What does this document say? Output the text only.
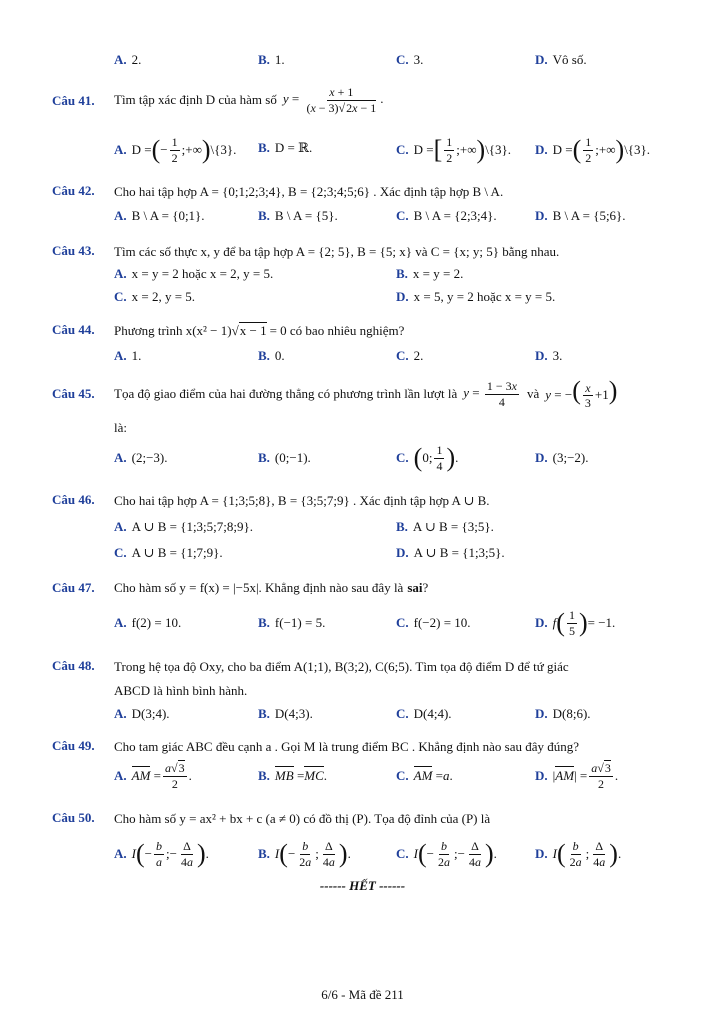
A. 2.	B. 1.	C. 3.	D. Vô số.
Câu 41.	Tìm tập xác định D của hàm số $y = \frac{x + 1}{(x - 3)√2x - 1}$ .
A. D = ( − $\frac{1}{2}$ ;+∞ ) \{3}. B. D = ℝ.	C. D = [ $\frac{1}{2}$ ;+∞ ) \{3}. D. D = ( $\frac{1}{2}$ ;+∞ ) \{3}.
Câu 42.	Cho hai tập hợp A = {0;1;2;3;4}, B = {2;3;4;5;6} . Xác định tập hợp B \ A.
A. B \ A = {0;1}.	B. B \ A = {5}.	C. B \ A = {2;3;4}.	D. B \ A = {5;6}.
Câu 43.	Tìm các số thực x, y để ba tập hợp A = {2; 5}, B = {5; x} và C = {x; y; 5} bằng nhau.
A. x = y = 2 hoặc x = 2, y = 5.	B. x = y = 2.
C. x = 2, y = 5.	D. x = 5, y = 2 hoặc x = y = 5.
Câu 44.	Phương trình x(x² − 1) √ x − 1 = 0 có bao nhiêu nghiệm?
A. 1.	B. 0.	C. 2.	D. 3.
Câu 45.	Tọa độ giao điểm của hai đường thẳng có phương trình lần lượt là $y = \frac{1 - 3x}{4}$ và y = −( $\frac{x}{3} +1$)
là:
A. (2;−3).	B. (0;−1).	C. ( 0; $\frac{1}{4}$ ) .	D. (3;−2).
Câu 46.	Cho hai tập hợp A = {1;3;5;8}, B = {3;5;7;9} . Xác định tập hợp A ∪ B.
A. A ∪ B = {1;3;5;7;8;9}.	B. A ∪ B = {3;5}.
C. A ∪ B = {1;7;9}.	D. A ∪ B = {1;3;5}.
Câu 47.	Cho hàm số y = f(x) = |−5x|. Khẳng định nào sau đây là sai ?
A. f(2) = 10.	B. f(−1) = 5.	C. f(−2) = 10.	D. f ( $\frac{1}{5}$ ) = −1.
Câu 48.	Trong hệ tọa độ Oxy, cho ba điểm A(1;1), B(3;2), C(6;5). Tìm tọa độ điểm D để tứ giác
ABCD là hình bình hành.
A. D(3;4).	B. D(4;3).	C. D(4;4).	D. D(8;6).
Câu 49.	Cho tam giác ABC đều cạnh a . Gọi M là trung điểm BC . Khẳng định nào sau đây đúng?
A. AM = $\frac{a√3}{2}$ .	B. MB = MC .	C. AM = a .	D. | AM | = $\frac{a√3}{2}$ .
Câu 50.	Cho hàm số y = ax² + bx + c (a ≠ 0) có đồ thị (P). Tọa độ đỉnh của (P) là
A. I ( − $\frac{b}{a}$ ;− $\frac{\Delta}{4a}$ ) .	B. I ( − $\frac{b}{2a}$ ; $\frac{\Delta}{4a}$ ) .	C. I ( − $\frac{b}{2a}$ ;− $\frac{\Delta}{4a}$ ) .	D. I ( $\frac{b}{2a}$ ; $\frac{\Delta}{4a}$ ) .
------ HẾT ------
6/6 - Mã đề 211
